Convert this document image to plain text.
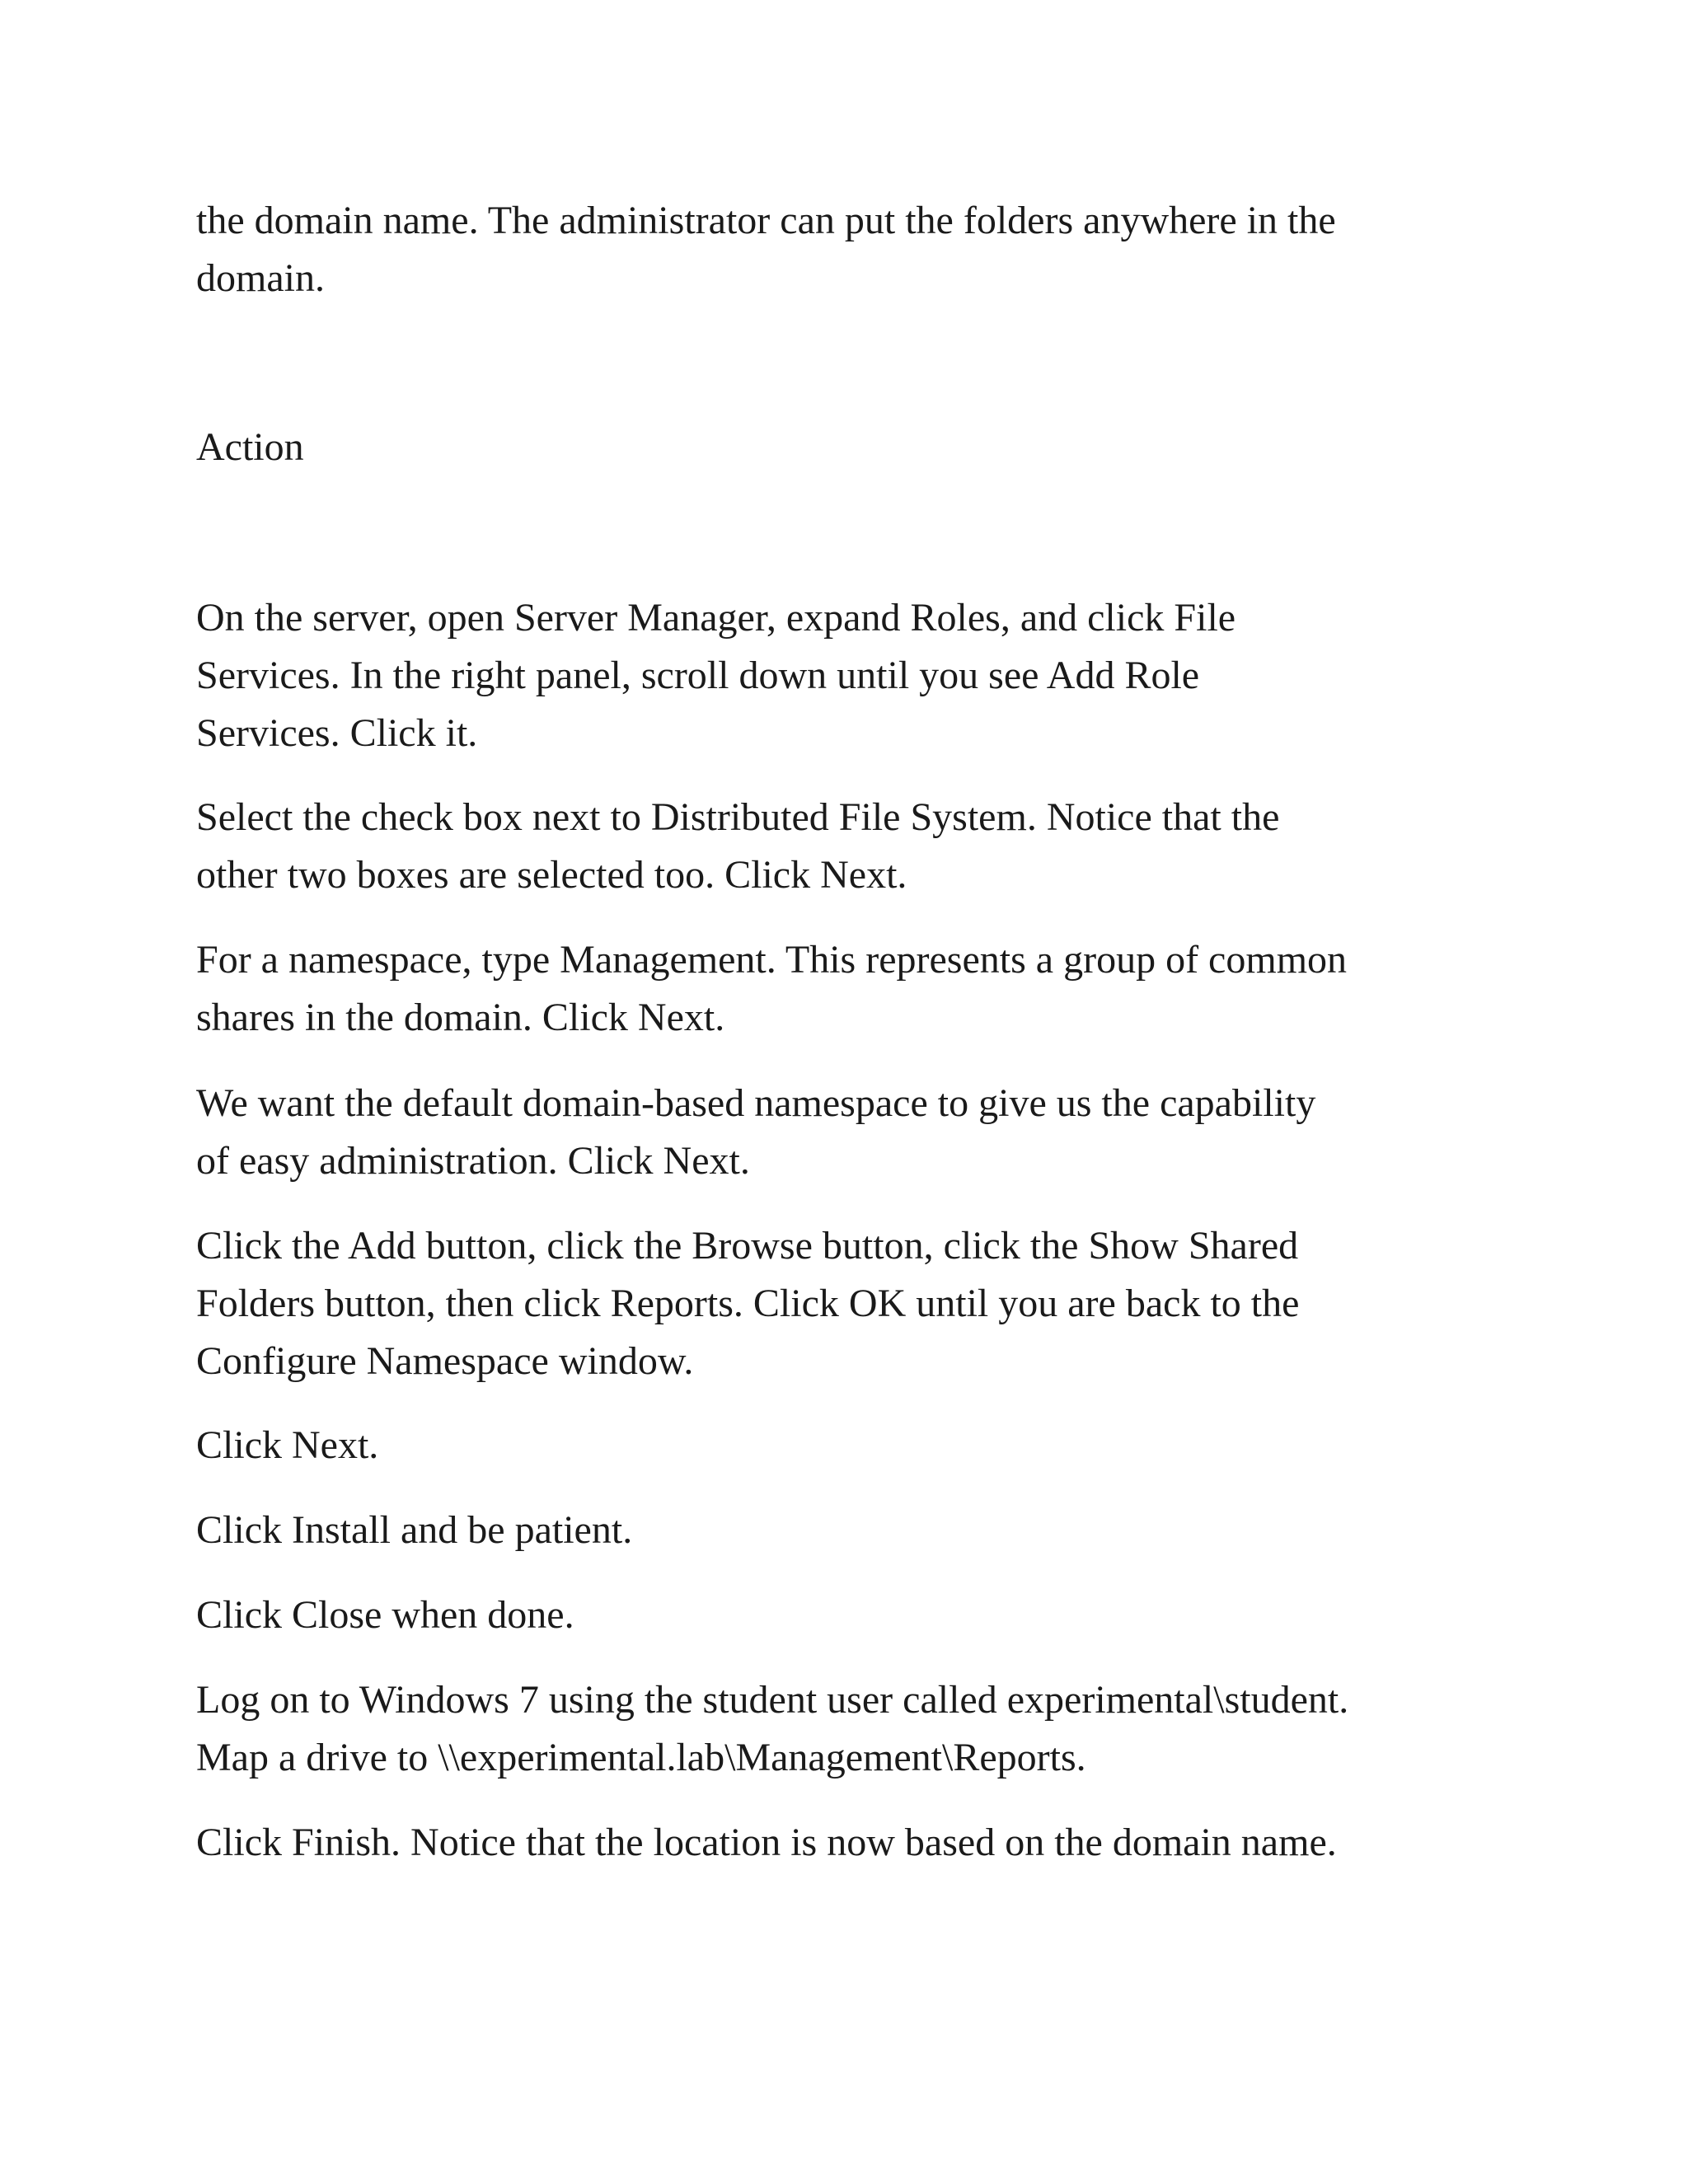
the domain name. The administrator can put the folders anywhere in the
domain.

Action

On the server, open Server Manager, expand Roles, and click File
Services. In the right panel, scroll down until you see Add Role
Services. Click it.

Select the check box next to Distributed File System. Notice that the
other two boxes are selected too. Click Next.

For a namespace, type Management. This represents a group of common
shares in the domain. Click Next.

We want the default domain-based namespace to give us the capability
of easy administration. Click Next.

Click the Add button, click the Browse button, click the Show Shared
Folders button, then click Reports. Click OK until you are back to the
Configure Namespace window.

Click Next.

Click Install and be patient.

Click Close when done.

Log on to Windows 7 using the student user called experimental\student.
Map a drive to \\experimental.lab\Management\Reports.

Click Finish. Notice that the location is now based on the domain name.
